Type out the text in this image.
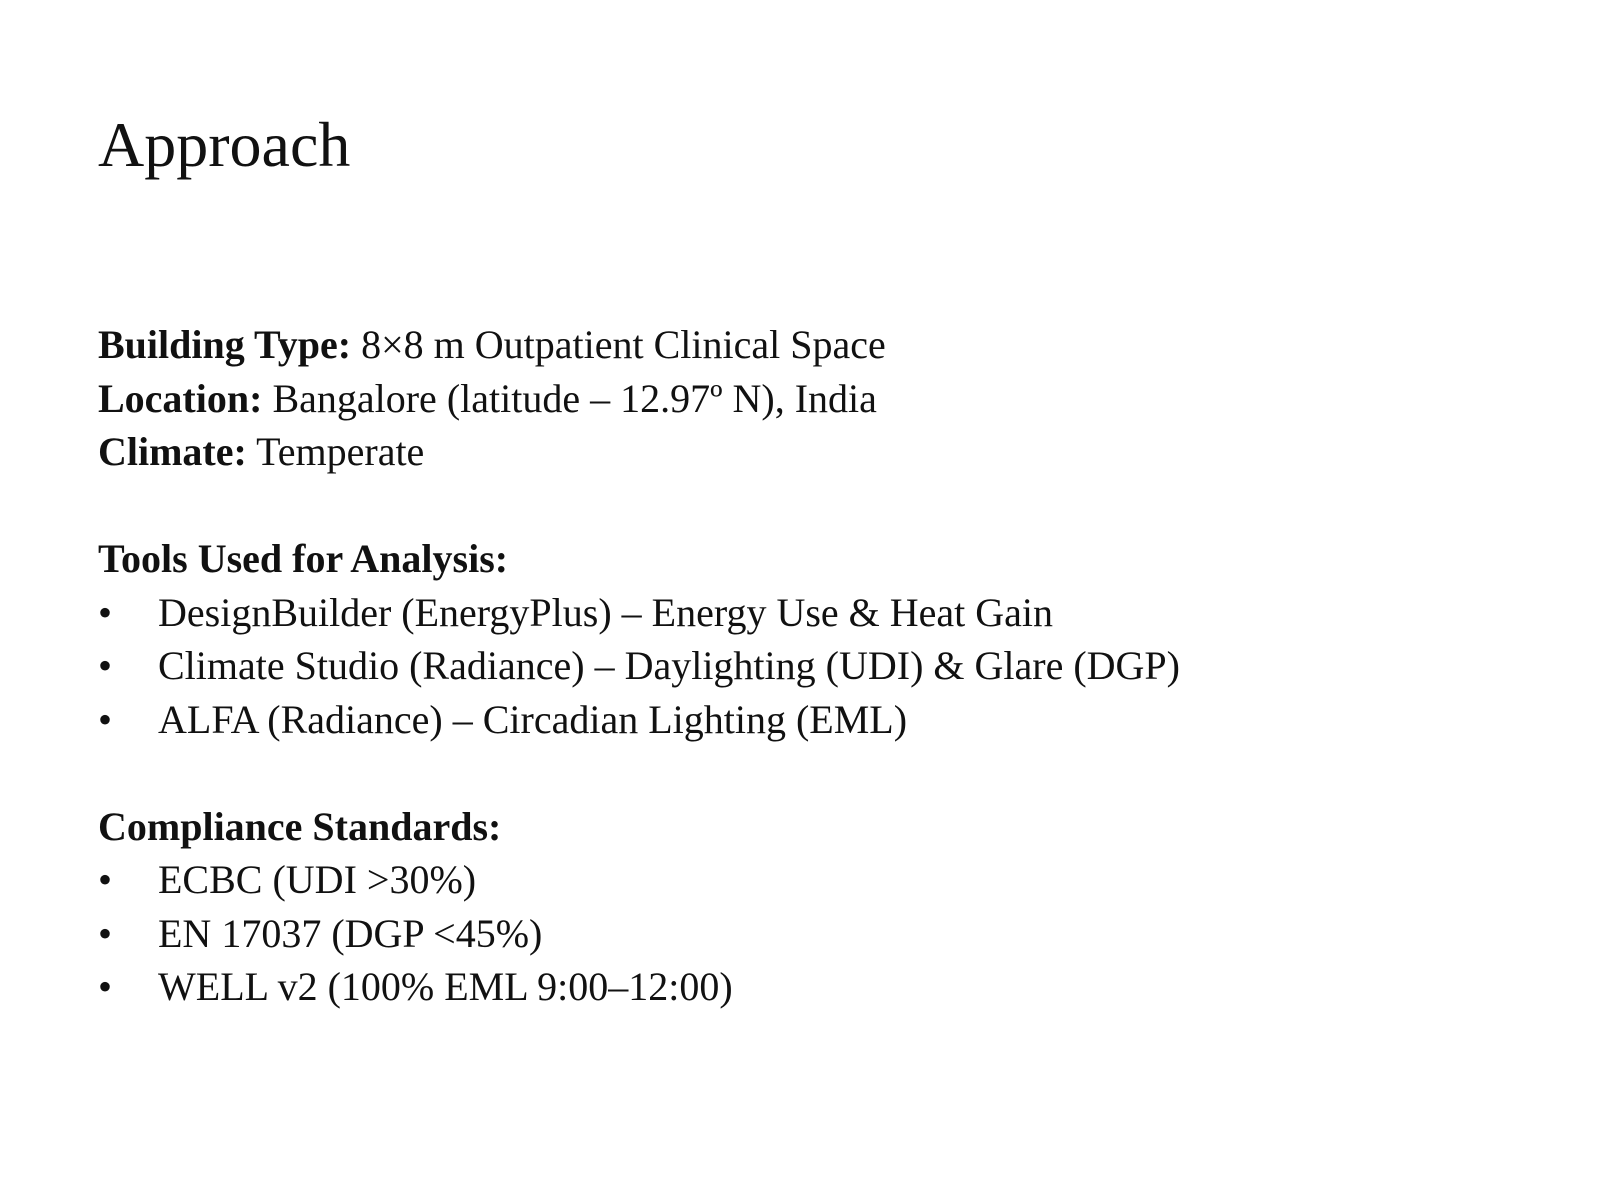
Approach

Building Type: 8×8 m Outpatient Clinical Space

Location: Bangalore (latitude – 12.97º N), India

Climate: Temperate

Tools Used for Analysis:
•	DesignBuilder (EnergyPlus) – Energy Use & Heat Gain
•	Climate Studio (Radiance) – Daylighting (UDI) & Glare (DGP)
•	ALFA (Radiance) – Circadian Lighting (EML)
Compliance Standards:
•	ECBC (UDI >30%)
•	EN 17037 (DGP <45%)
•	WELL v2 (100% EML 9:00–12:00)
